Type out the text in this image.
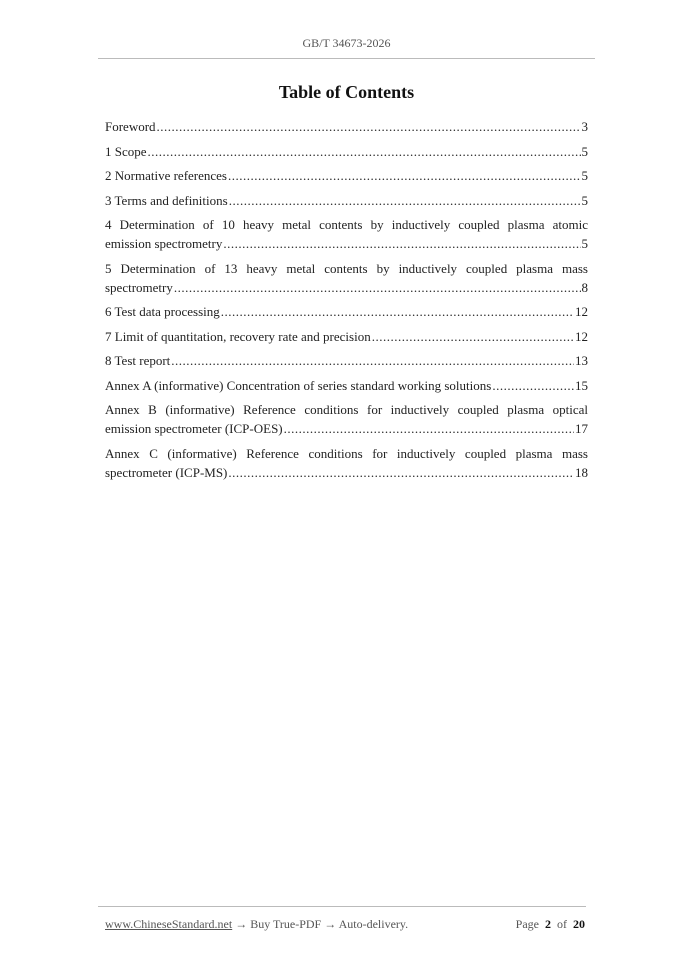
GB/T 34673-2026
Table of Contents
Foreword .....	3
1 Scope .....	5
2 Normative references .....	5
3 Terms and definitions .....	5
4 Determination of 10 heavy metal contents by inductively coupled plasma atomic
emission spectrometry .....	5
5 Determination of 13 heavy metal contents by inductively coupled plasma mass
spectrometry .....	8
6 Test data processing .....	12
7 Limit of quantitation, recovery rate and precision .....	12
8 Test report .....	13
Annex A (informative) Concentration of series standard working solutions .....	15
Annex B (informative) Reference conditions for inductively coupled plasma optical
emission spectrometer (ICP-OES) .....	17
Annex C (informative) Reference conditions for inductively coupled plasma mass
spectrometer (ICP-MS) .....	18
www.ChineseStandard.net → Buy True-PDF → Auto-delivery.	Page 2 of 20
